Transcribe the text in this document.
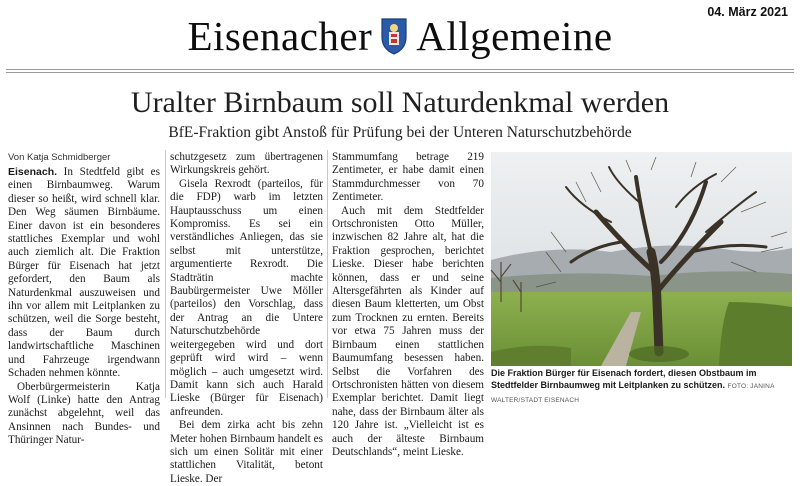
04. März 2021
Eisenacher Allgemeine
Uralter Birnbaum soll Naturdenkmal werden
BfE-Fraktion gibt Anstoß für Prüfung bei der Unteren Naturschutzbehörde
Von Katja Schmidberger

Eisenach. In Stedtfeld gibt es einen Birnbaumweg. Warum dieser so heißt, wird schnell klar. Den Weg säumen Birnbäume. Einer davon ist ein besonderes stattliches Exemplar und wohl auch ziemlich alt. Die Fraktion Bürger für Eisenach hat jetzt gefordert, den Baum als Naturdenkmal auszuweisen und ihn vor allem mit Leitplanken zu schützen, weil die Sorge besteht, dass der Baum durch landwirtschaftliche Maschinen und Fahrzeuge irgendwann Schaden nehmen könnte.

Oberbürgermeisterin Katja Wolf (Linke) hatte den Antrag zunächst abgelehnt, weil das Ansinnen nach Bundes- und Thüringer Natur-

schutzgesetz zum übertragenen Wirkungskreis gehört.

Gisela Rexrodt (parteilos, für die FDP) warb im letzten Hauptausschuss um einen Kompromiss. Es sei ein verständliches Anliegen, das sie selbst mit unterstütze, argumentierte Rexrodt. Die Stadträtin machte Baubürgermeister Uwe Möller (parteilos) den Vorschlag, dass der Antrag an die Untere Naturschutzbehörde weitergegeben wird und dort geprüft wird wird – wenn möglich – auch umgesetzt wird. Damit kann sich auch Harald Lieske (Bürger für Eisenach) anfreunden.

Bei dem zirka acht bis zehn Meter hohen Birnbaum handelt es sich um einen Solitär mit einer stattlichen Vitalität, betont Lieske. Der

Stammumfang betrage 219 Zentimeter, er habe damit einen Stammdurchmesser von 70 Zentimeter.

Auch mit dem Stedtfelder Ortschronisten Otto Müller, inzwischen 82 Jahre alt, hat die Fraktion gesprochen, berichtet Lieske. Dieser habe berichten können, dass er und seine Altersgefährten als Kinder auf diesen Baum kletterten, um Obst zum Trocknen zu ernten. Bereits vor etwa 75 Jahren muss der Birnbaum einen stattlichen Baumumfang besessen haben. Selbst die Vorfahren des Ortschronisten hätten von diesem Exemplar berichtet. Damit liegt nahe, dass der Birnbaum älter als 120 Jahre ist. „Vielleicht ist es auch der älteste Birnbaum Deutschlands“, meint Lieske.

Die Fraktion Bürger für Eisenach fordert, diesen Obstbaum im Stedtfelder Birnbaumweg mit Leitplanken zu schützen. FOTO: JANINA WALTER/STADT EISENACH
